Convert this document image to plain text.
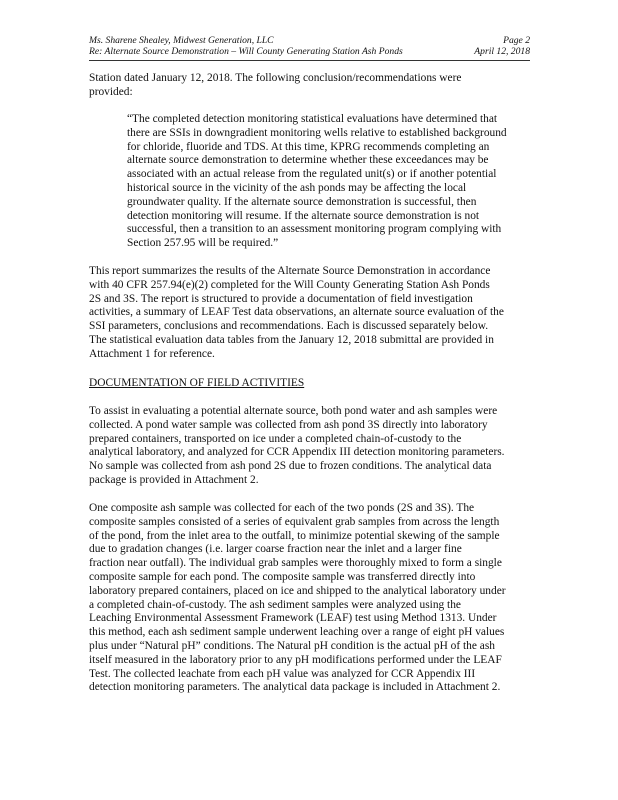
Ms. Sharene Shealey, Midwest Generation, LLC
Re: Alternate Source Demonstration – Will County Generating Station Ash Ponds
Page 2
April 12, 2018
Station dated January 12, 2018. The following conclusion/recommendations were
provided:
“The completed detection monitoring statistical evaluations have determined that
there are SSIs in downgradient monitoring wells relative to established background
for chloride, fluoride and TDS. At this time, KPRG recommends completing an
alternate source demonstration to determine whether these exceedances may be
associated with an actual release from the regulated unit(s) or if another potential
historical source in the vicinity of the ash ponds may be affecting the local
groundwater quality. If the alternate source demonstration is successful, then
detection monitoring will resume. If the alternate source demonstration is not
successful, then a transition to an assessment monitoring program complying with
Section 257.95 will be required.”
This report summarizes the results of the Alternate Source Demonstration in accordance
with 40 CFR 257.94(e)(2) completed for the Will County Generating Station Ash Ponds
2S and 3S. The report is structured to provide a documentation of field investigation
activities, a summary of LEAF Test data observations, an alternate source evaluation of the
SSI parameters, conclusions and recommendations. Each is discussed separately below.
The statistical evaluation data tables from the January 12, 2018 submittal are provided in
Attachment 1 for reference.
DOCUMENTATION OF FIELD ACTIVITIES
To assist in evaluating a potential alternate source, both pond water and ash samples were
collected. A pond water sample was collected from ash pond 3S directly into laboratory
prepared containers, transported on ice under a completed chain-of-custody to the
analytical laboratory, and analyzed for CCR Appendix III detection monitoring parameters.
No sample was collected from ash pond 2S due to frozen conditions. The analytical data
package is provided in Attachment 2.
One composite ash sample was collected for each of the two ponds (2S and 3S). The
composite samples consisted of a series of equivalent grab samples from across the length
of the pond, from the inlet area to the outfall, to minimize potential skewing of the sample
due to gradation changes (i.e. larger coarse fraction near the inlet and a larger fine
fraction near outfall). The individual grab samples were thoroughly mixed to form a single
composite sample for each pond. The composite sample was transferred directly into
laboratory prepared containers, placed on ice and shipped to the analytical laboratory under
a completed chain-of-custody. The ash sediment samples were analyzed using the
Leaching Environmental Assessment Framework (LEAF) test using Method 1313. Under
this method, each ash sediment sample underwent leaching over a range of eight pH values
plus under “Natural pH” conditions. The Natural pH condition is the actual pH of the ash
itself measured in the laboratory prior to any pH modifications performed under the LEAF
Test. The collected leachate from each pH value was analyzed for CCR Appendix III
detection monitoring parameters. The analytical data package is included in Attachment 2.
